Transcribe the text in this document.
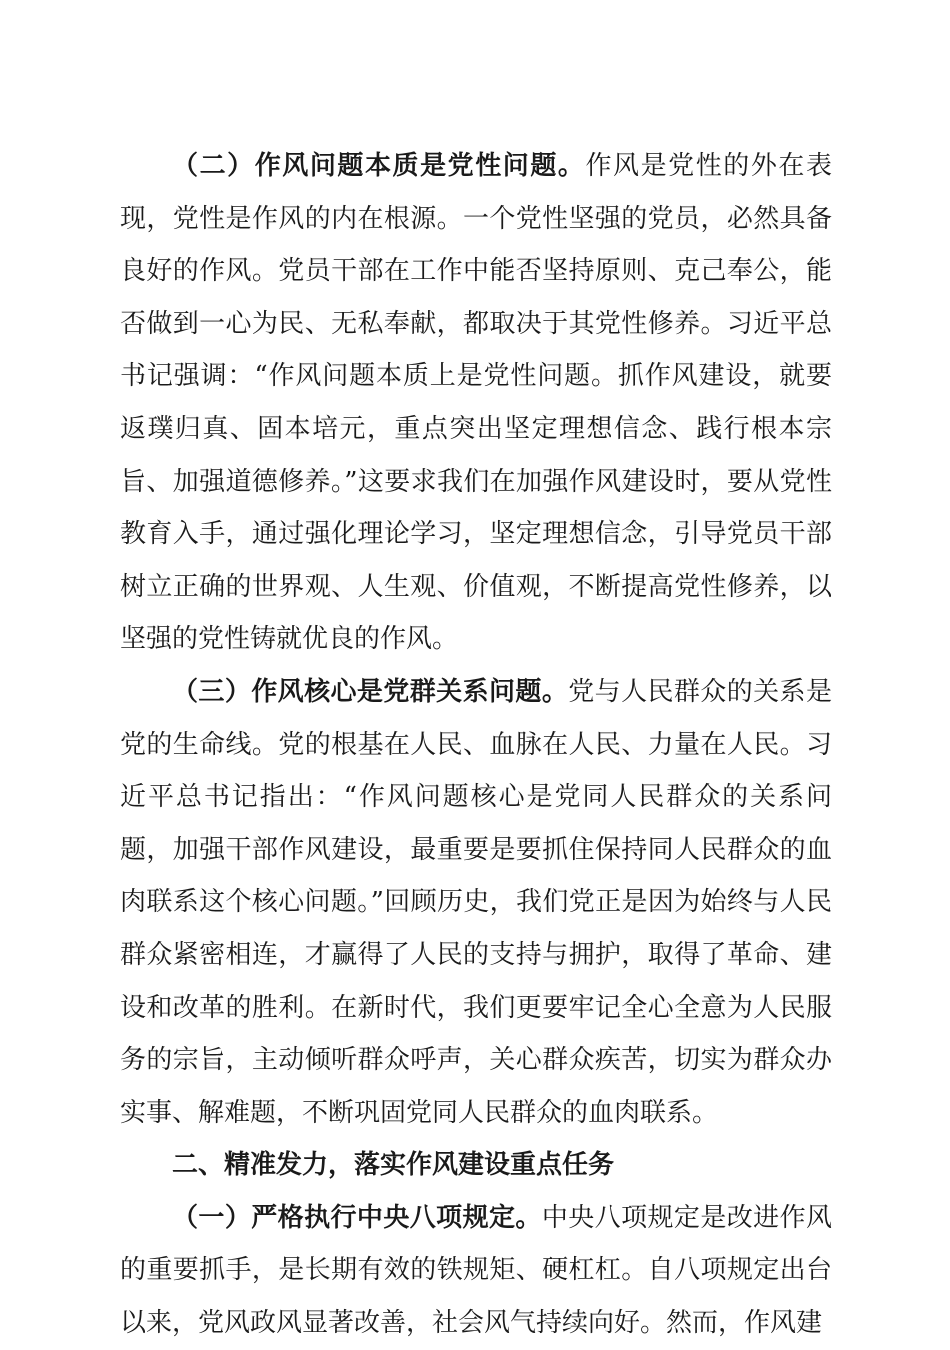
（二）作风问题本质是党性问题。作风是党性的外在表现，党性是作风的内在根源。一个党性坚强的党员，必然具备良好的作风。党员干部在工作中能否坚持原则、克己奉公，能否做到一心为民、无私奉献，都取决于其党性修养。习近平总书记强调：“作风问题本质上是党性问题。抓作风建设，就要返璞归真、固本培元，重点突出坚定理想信念、践行根本宗旨、加强道德修养。”这要求我们在加强作风建设时，要从党性教育入手，通过强化理论学习，坚定理想信念，引导党员干部树立正确的世界观、人生观、价值观，不断提高党性修养，以坚强的党性铸就优良的作风。

（三）作风核心是党群关系问题。党与人民群众的关系是党的生命线。党的根基在人民、血脉在人民、力量在人民。习近平总书记指出：“作风问题核心是党同人民群众的关系问题，加强干部作风建设，最重要是要抓住保持同人民群众的血肉联系这个核心问题。”回顾历史，我们党正是因为始终与人民群众紧密相连，才赢得了人民的支持与拥护，取得了革命、建设和改革的胜利。在新时代，我们更要牢记全心全意为人民服务的宗旨，主动倾听群众呼声，关心群众疾苦，切实为群众办实事、解难题，不断巩固党同人民群众的血肉联系。

二、精准发力，落实作风建设重点任务

（一）严格执行中央八项规定。中央八项规定是改进作风的重要抓手，是长期有效的铁规矩、硬杠杠。自八项规定出台以来，党风政风显著改善，社会风气持续向好。然而，作风建
